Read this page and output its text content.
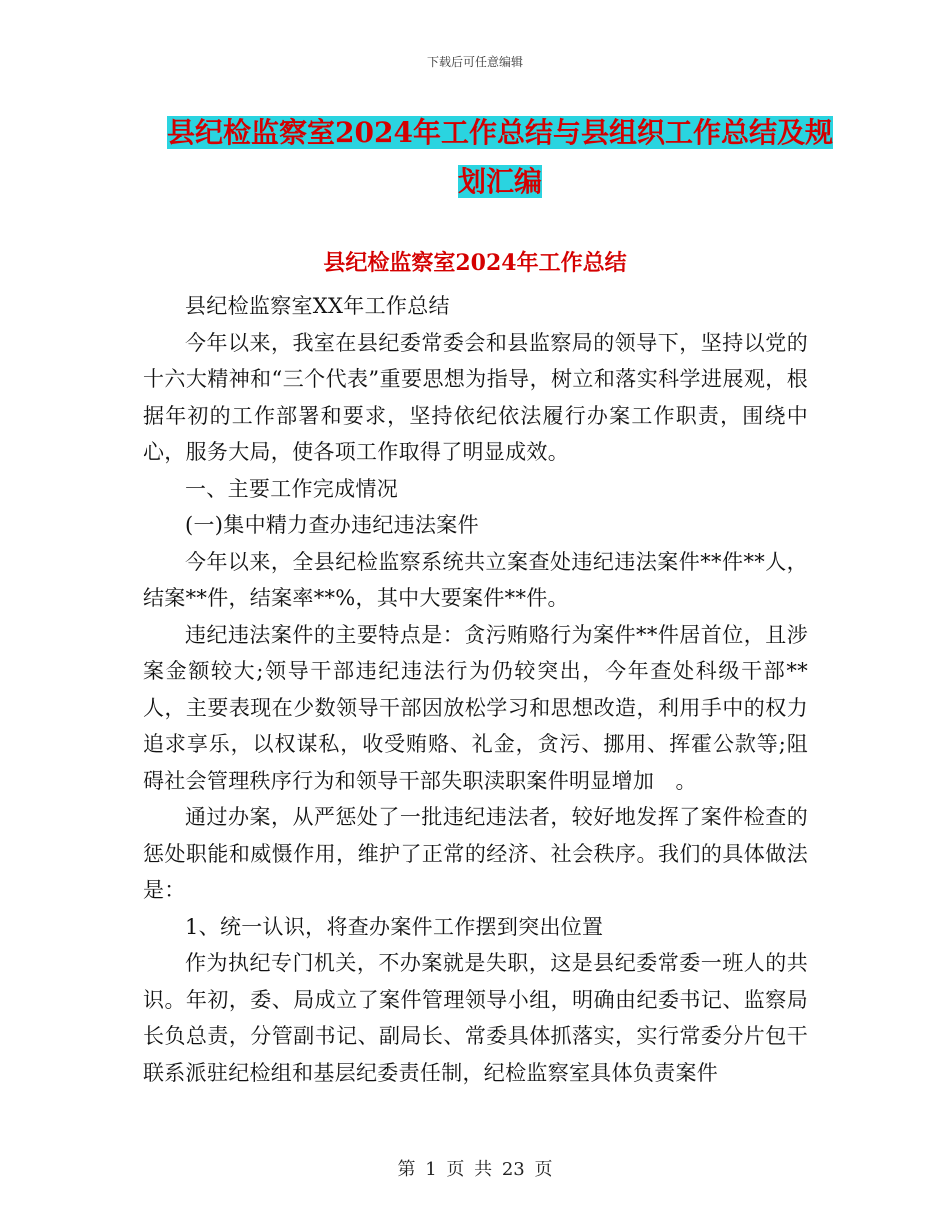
下载后可任意编辑
县纪检监察室2024年工作总结与县组织工作总结及规
划汇编
县纪检监察室2024年工作总结

县纪检监察室XX年工作总结

今年以来，我室在县纪委常委会和县监察局的领导下，坚持以党的十六大精神和“三个代表”重要思想为指导，树立和落实科学进展观，根据年初的工作部署和要求，坚持依纪依法履行办案工作职责，围绕中心，服务大局，使各项工作取得了明显成效。

一、主要工作完成情况

(一)集中精力查办违纪违法案件

今年以来，全县纪检监察系统共立案查处违纪违法案件**件**人，结案**件，结案率**%，其中大要案件**件。

违纪违法案件的主要特点是：贪污贿赂行为案件**件居首位，且涉案金额较大;领导干部违纪违法行为仍较突出，今年查处科级干部**人，主要表现在少数领导干部因放松学习和思想改造，利用手中的权力追求享乐，以权谋私，收受贿赂、礼金，贪污、挪用、挥霍公款等;阻碍社会管理秩序行为和领导干部失职渎职案件明显增加　。

通过办案，从严惩处了一批违纪违法者，较好地发挥了案件检查的惩处职能和威慑作用，维护了正常的经济、社会秩序。我们的具体做法是：

1、统一认识，将查办案件工作摆到突出位置

作为执纪专门机关，不办案就是失职，这是县纪委常委一班人的共识。年初，委、局成立了案件管理领导小组，明确由纪委书记、监察局长负总责，分管副书记、副局长、常委具体抓落实，实行常委分片包干联系派驻纪检组和基层纪委责任制，纪检监察室具体负责案件

第 1 页 共 23 页
